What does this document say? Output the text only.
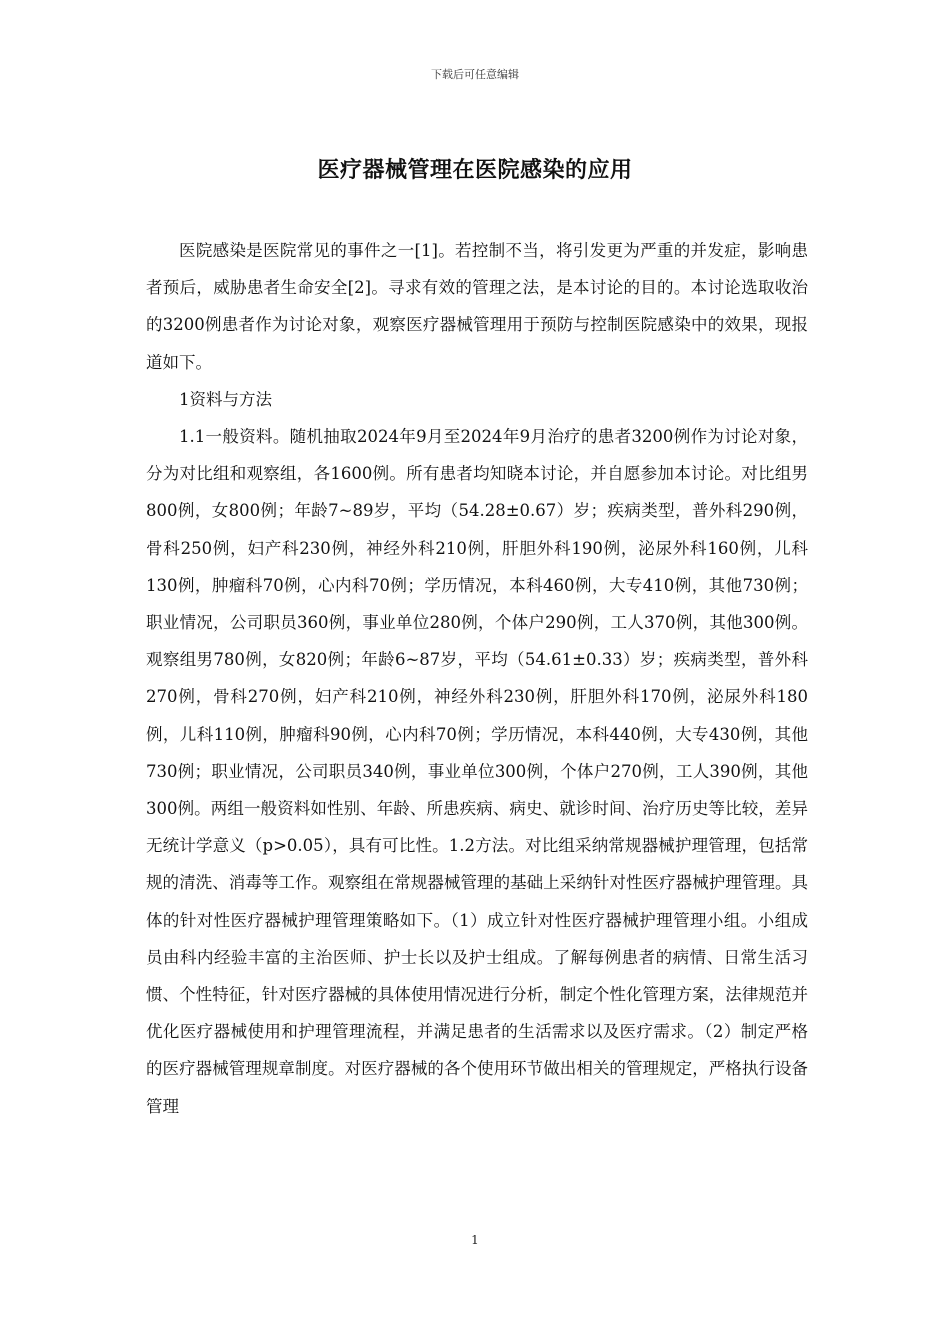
下载后可任意编辑
医疗器械管理在医院感染的应用

医院感染是医院常见的事件之一[1]。若控制不当，将引发更为严重的并发症，影响患者预后，威胁患者生命安全[2]。寻求有效的管理之法，是本讨论的目的。本讨论选取收治的3200例患者作为讨论对象，观察医疗器械管理用于预防与控制医院感染中的效果，现报道如下。

1资料与方法

1.1一般资料。随机抽取2024年9月至2024年9月治疗的患者3200例作为讨论对象，分为对比组和观察组，各1600例。所有患者均知晓本讨论，并自愿参加本讨论。对比组男800例，女800例；年龄7~89岁，平均（54.28±0.67）岁；疾病类型，普外科290例，骨科250例，妇产科230例，神经外科210例，肝胆外科190例，泌尿外科160例，儿科130例，肿瘤科70例，心内科70例；学历情况，本科460例，大专410例，其他730例；职业情况，公司职员360例，事业单位280例，个体户290例，工人370例，其他300例。观察组男780例，女820例；年龄6~87岁，平均（54.61±0.33）岁；疾病类型，普外科270例，骨科270例，妇产科210例，神经外科230例，肝胆外科170例，泌尿外科180例，儿科110例，肿瘤科90例，心内科70例；学历情况，本科440例，大专430例，其他730例；职业情况，公司职员340例，事业单位300例，个体户270例，工人390例，其他300例。两组一般资料如性别、年龄、所患疾病、病史、就诊时间、治疗历史等比较，差异无统计学意义（p>0.05），具有可比性。1.2方法。对比组采纳常规器械护理管理，包括常规的清洗、消毒等工作。观察组在常规器械管理的基础上采纳针对性医疗器械护理管理。具体的针对性医疗器械护理管理策略如下。（1）成立针对性医疗器械护理管理小组。小组成员由科内经验丰富的主治医师、护士长以及护士组成。了解每例患者的病情、日常生活习惯、个性特征，针对医疗器械的具体使用情况进行分析，制定个性化管理方案，法律规范并优化医疗器械使用和护理管理流程，并满足患者的生活需求以及医疗需求。（2）制定严格的医疗器械管理规章制度。对医疗器械的各个使用环节做出相关的管理规定，严格执行设备管理

1
